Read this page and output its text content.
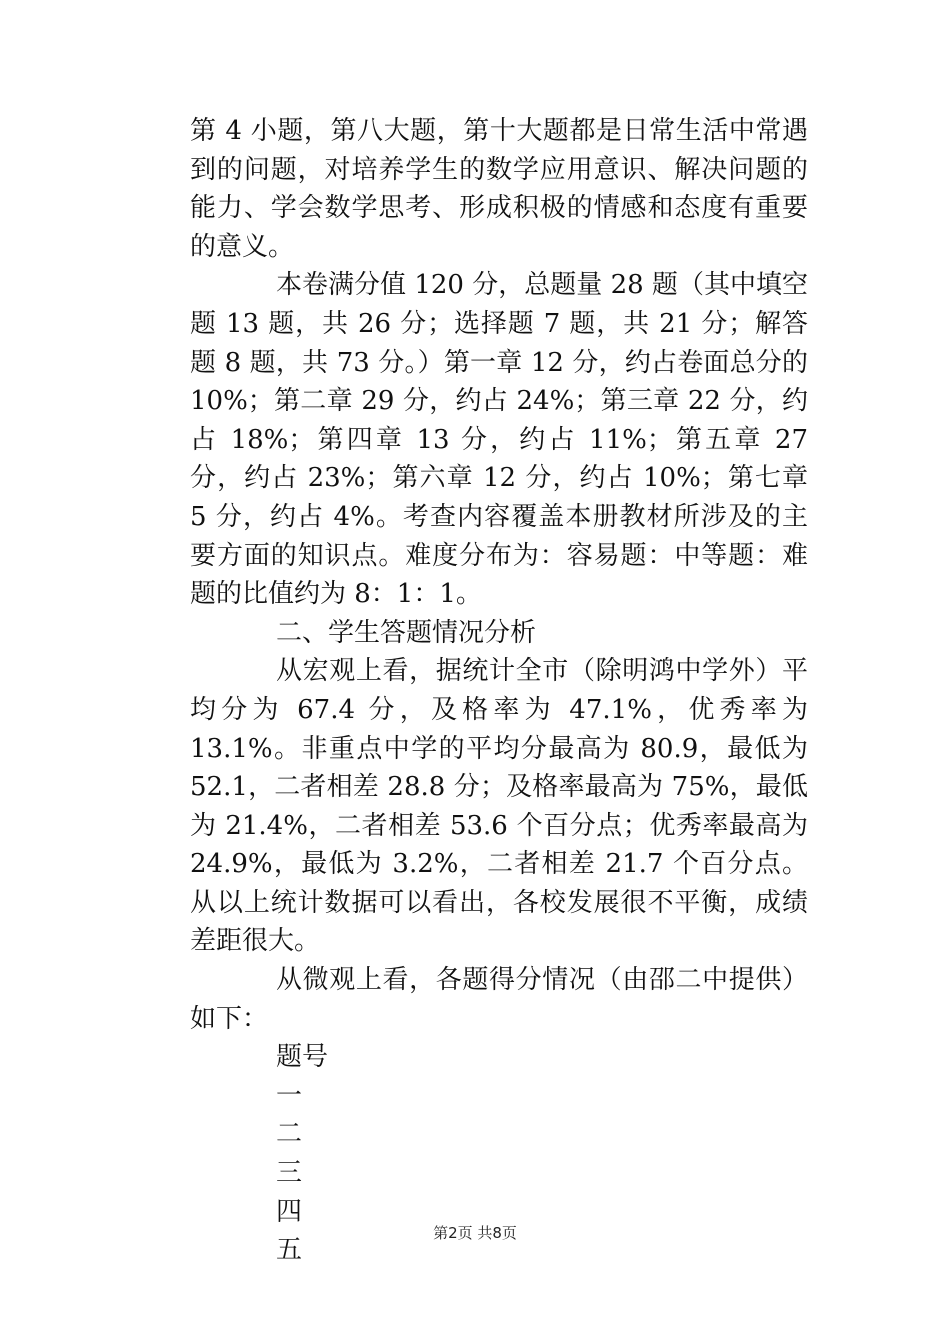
第 4 小题，第八大题，第十大题都是日常生活中常遇到的问题，对培养学生的数学应用意识、解决问题的能力、学会数学思考、形成积极的情感和态度有重要的意义。

本卷满分值 120 分，总题量 28 题（其中填空题 13 题，共 26 分；选择题 7 题，共 21 分；解答题 8 题，共 73 分。）第一章 12 分，约占卷面总分的 10%；第二章 29 分，约占 24%；第三章 22 分，约占 18%；第四章 13 分，约占 11%；第五章 27 分，约占 23%；第六章 12 分，约占 10%；第七章 5 分，约占 4%。考查内容覆盖本册教材所涉及的主要方面的知识点。难度分布为：容易题：中等题：难题的比值约为 8：1：1。

二、学生答题情况分析

从宏观上看，据统计全市（除明鸿中学外）平均分为 67.4 分，及格率为 47.1%，优秀率为 13.1%。非重点中学的平均分最高为 80.9，最低为 52.1，二者相差 28.8 分；及格率最高为 75%，最低为 21.4%，二者相差 53.6 个百分点；优秀率最高为 24.9%，最低为 3.2%，二者相差 21.7 个百分点。从以上统计数据可以看出，各校发展很不平衡，成绩差距很大。

从微观上看，各题得分情况（由邵二中提供）如下：

题号
一
二
三
四
五
第2页 共8页
